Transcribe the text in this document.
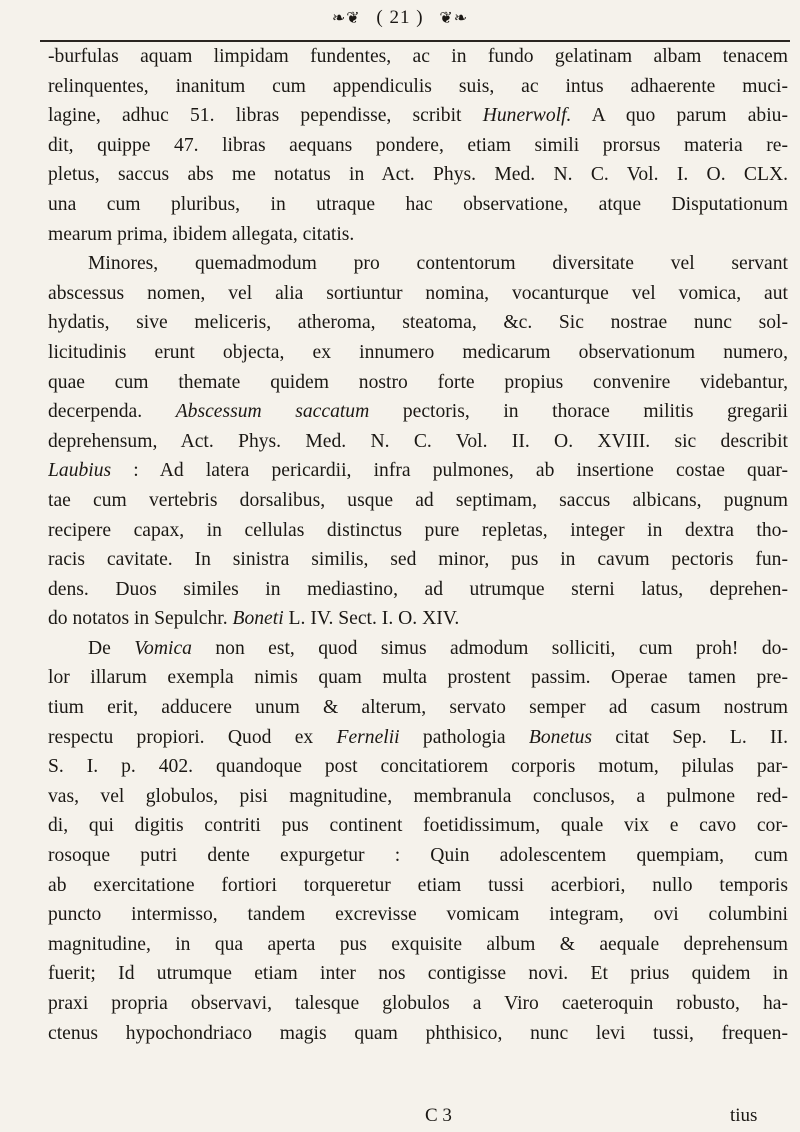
❧❦ ( 21 ) ❦❧
-burfulas aquam limpidam fundentes, ac in fundo gelatinam albam tenacem
relinquentes, inanitum cum appendiculis suis, ac intus adhaerente muci-
lagine, adhuc 51. libras pependisse, scribit Hunerwolf. A quo parum abiu-
dit, quippe 47. libras aequans pondere, etiam simili prorsus materia re-
pletus, saccus abs me notatus in Act. Phys. Med. N. C. Vol. I. O. CLX.
una cum pluribus, in utraque hac observatione, atque Disputationum
mearum prima, ibidem allegata, citatis.
Minores, quemadmodum pro contentorum diversitate vel servant
abscessus nomen, vel alia sortiuntur nomina, vocanturque vel vomica, aut
hydatis, sive meliceris, atheroma, steatoma, &c. Sic nostrae nunc sol-
licitudinis erunt objecta, ex innumero medicarum observationum numero,
quae cum themate quidem nostro forte propius convenire videbantur,
decerpenda. Abscessum saccatum pectoris, in thorace militis gregarii
deprehensum, Act. Phys. Med. N. C. Vol. II. O. XVIII. sic describit
Laubius : Ad latera pericardii, infra pulmones, ab insertione costae quar-
tae cum vertebris dorsalibus, usque ad septimam, saccus albicans, pugnum
recipere capax, in cellulas distinctus pure repletas, integer in dextra tho-
racis cavitate. In sinistra similis, sed minor, pus in cavum pectoris fun-
dens. Duos similes in mediastino, ad utrumque sterni latus, deprehen-
do notatos in Sepulchr. Boneti L. IV. Sect. I. O. XIV.
De Vomica non est, quod simus admodum solliciti, cum proh! do-
lor illarum exempla nimis quam multa prostent passim. Operae tamen pre-
tium erit, adducere unum & alterum, servato semper ad casum nostrum
respectu propiori. Quod ex Fernelii pathologia Bonetus citat Sep. L. II.
S. I. p. 402. quandoque post concitatiorem corporis motum, pilulas par-
vas, vel globulos, pisi magnitudine, membranula conclusos, a pulmone red-
di, qui digitis contriti pus continent foetidissimum, quale vix e cavo cor-
rosoque putri dente expurgetur : Quin adolescentem quempiam, cum
ab exercitatione fortiori torqueretur etiam tussi acerbiori, nullo temporis
puncto intermisso, tandem excrevisse vomicam integram, ovi columbini
magnitudine, in qua aperta pus exquisite album & aequale deprehensum
fuerit; Id utrumque etiam inter nos contigisse novi. Et prius quidem in
praxi propria observavi, talesque globulos a Viro caeteroquin robusto, ha-
ctenus hypochondriaco magis quam phthisico, nunc levi tussi, frequen-
C 3	tius
